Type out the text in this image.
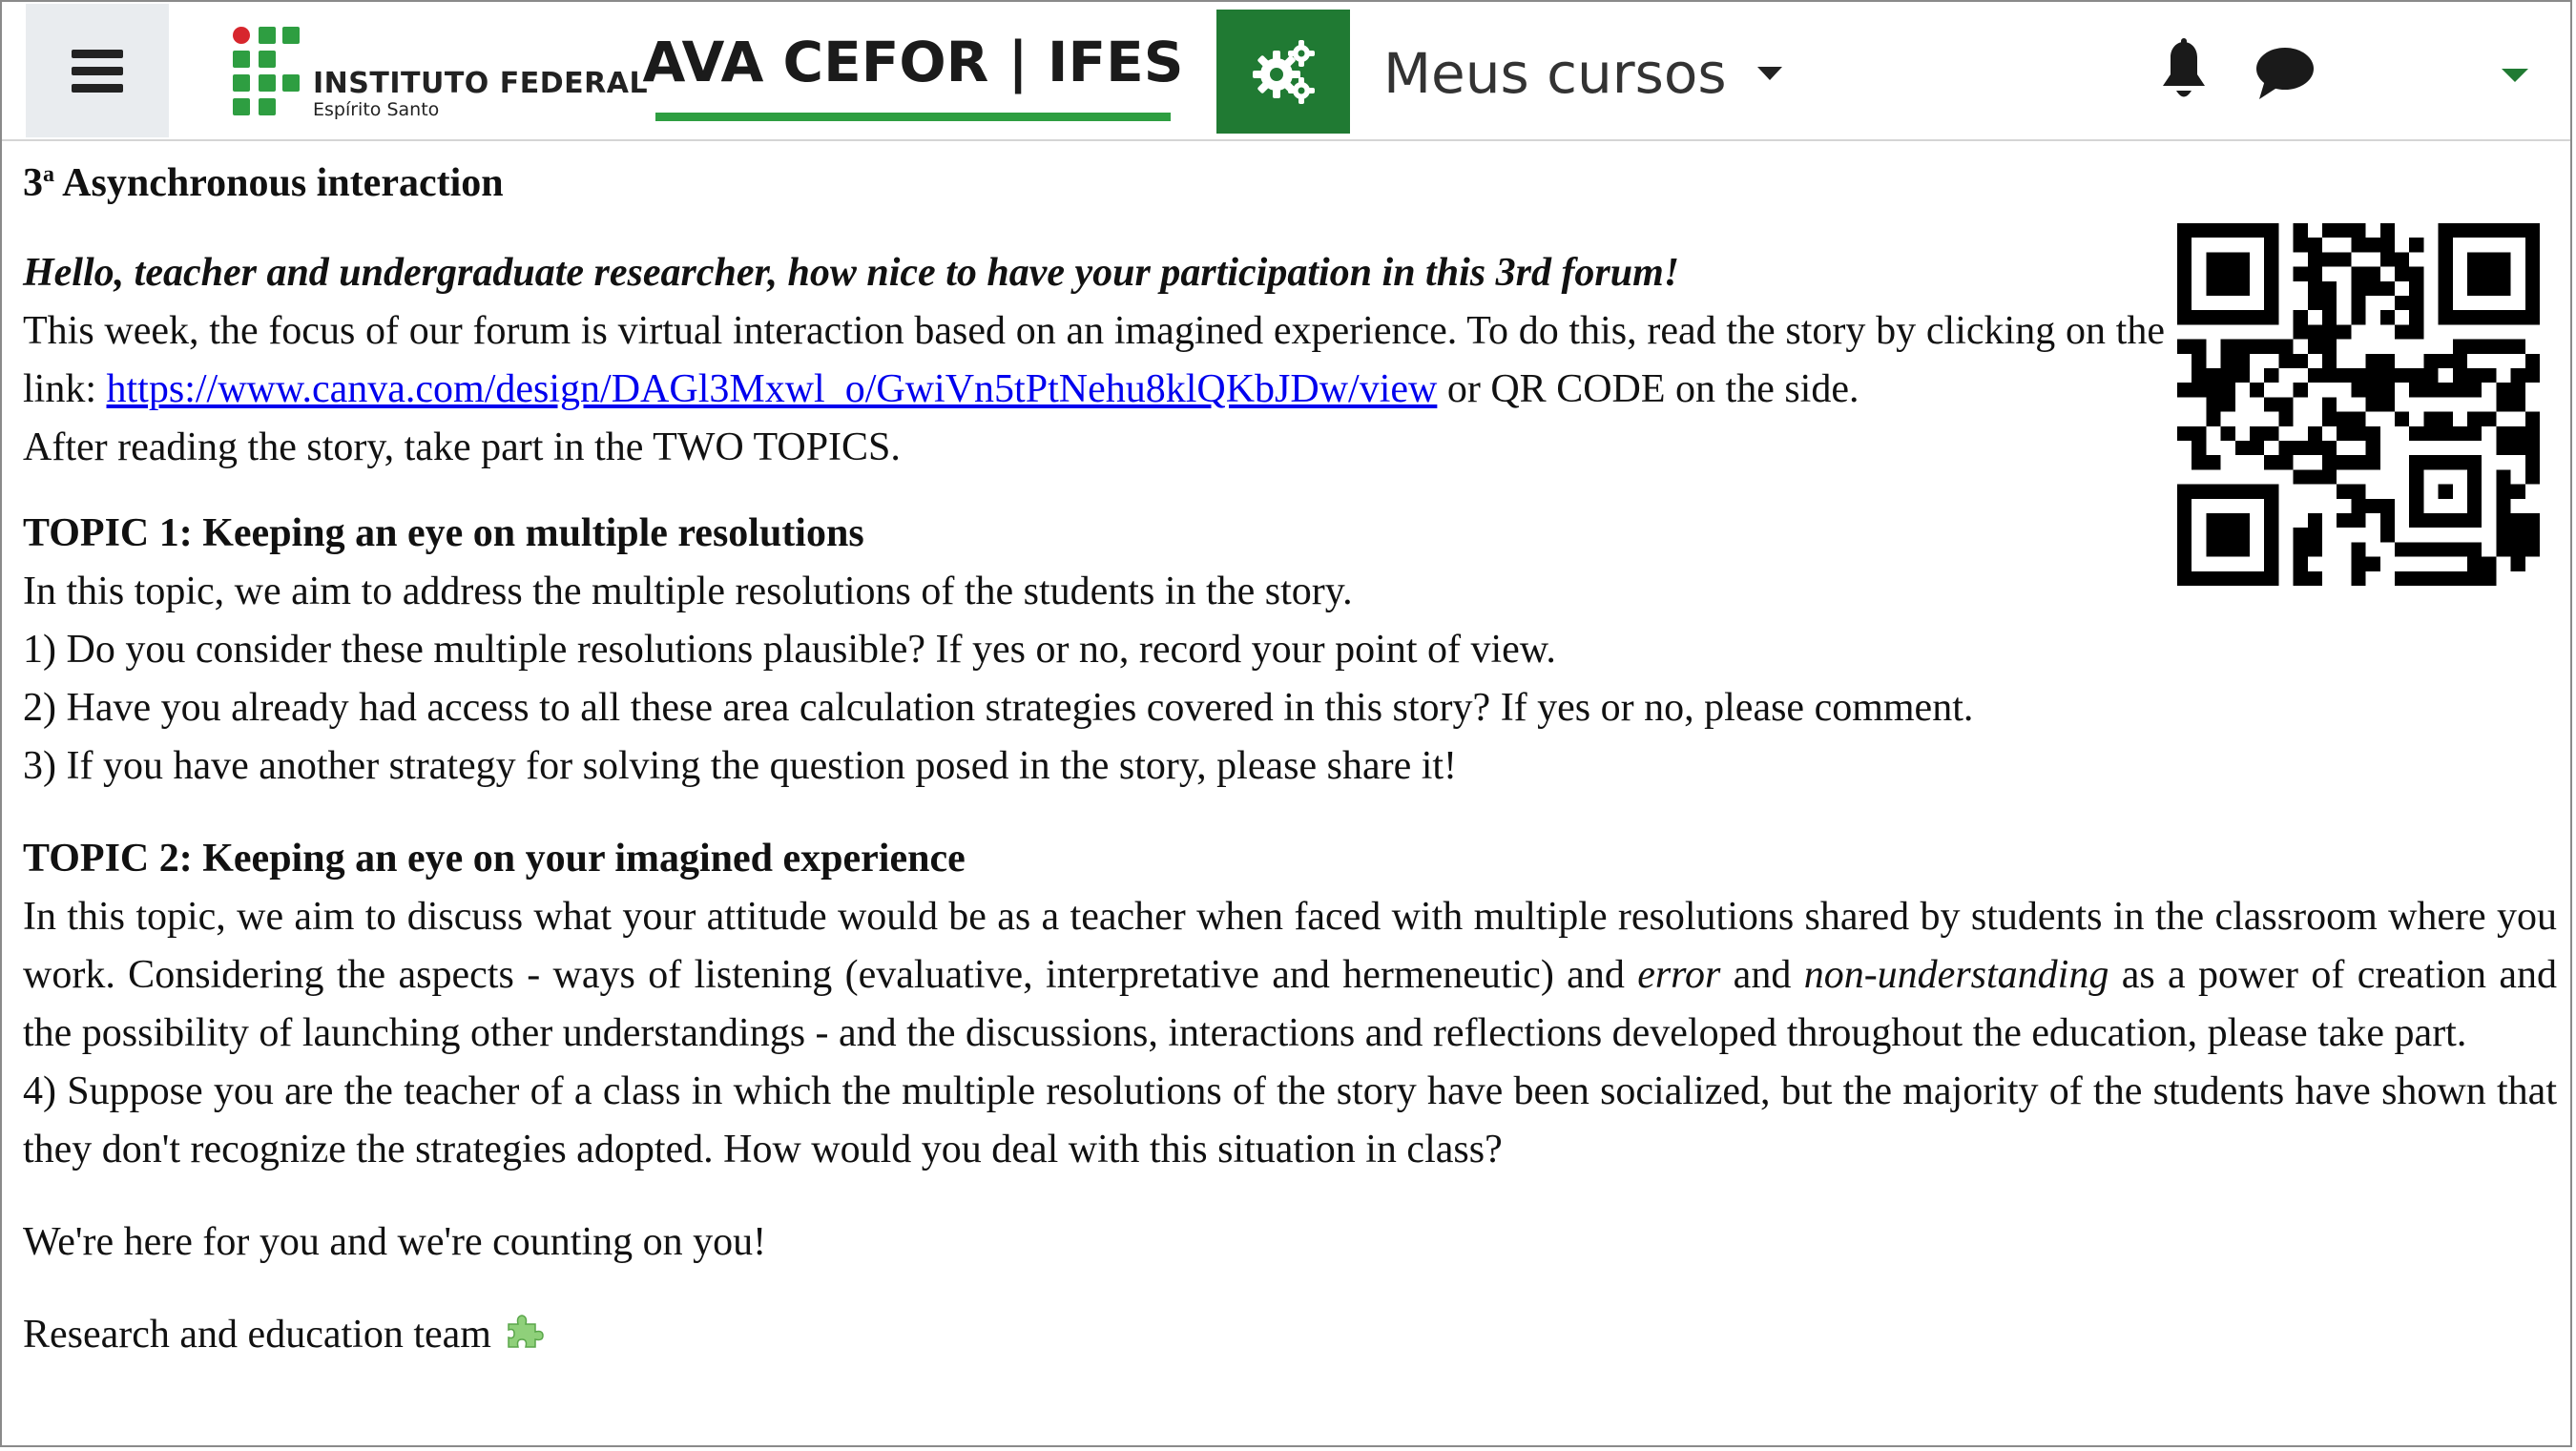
INSTITUTO FEDERAL
Espírito Santo
AVA CEFOR | IFES	Meus cursos

3$^a$ Asynchronous interaction

Hello, teacher and undergraduate researcher, how nice to have your participation in this 3rd forum!

This week, the focus of our forum is virtual interaction based on an imagined experience. To do this, read the story by clicking on the link: https://www.canva.com/design/DAGl3Mxwl_o/GwiVn5tPtNehu8klQKbJDw/view or QR CODE on the side.

After reading the story, take part in the TWO TOPICS.

TOPIC 1: Keeping an eye on multiple resolutions

In this topic, we aim to address the multiple resolutions of the students in the story.

1) Do you consider these multiple resolutions plausible? If yes or no, record your point of view.

2) Have you already had access to all these area calculation strategies covered in this story? If yes or no, please comment.

3) If you have another strategy for solving the question posed in the story, please share it!

TOPIC 2: Keeping an eye on your imagined experience

In this topic, we aim to discuss what your attitude would be as a teacher when faced with multiple resolutions shared by students in the classroom where you work. Considering the aspects - ways of listening (evaluative, interpretative and hermeneutic) and error and non-understanding as a power of creation and the possibility of launching other understandings - and the discussions, interactions and reflections developed throughout the education, please take part.

4) Suppose you are the teacher of a class in which the multiple resolutions of the story have been socialized, but the majority of the students have shown that they don't recognize the strategies adopted. How would you deal with this situation in class?

We're here for you and we're counting on you!

Research and education team
